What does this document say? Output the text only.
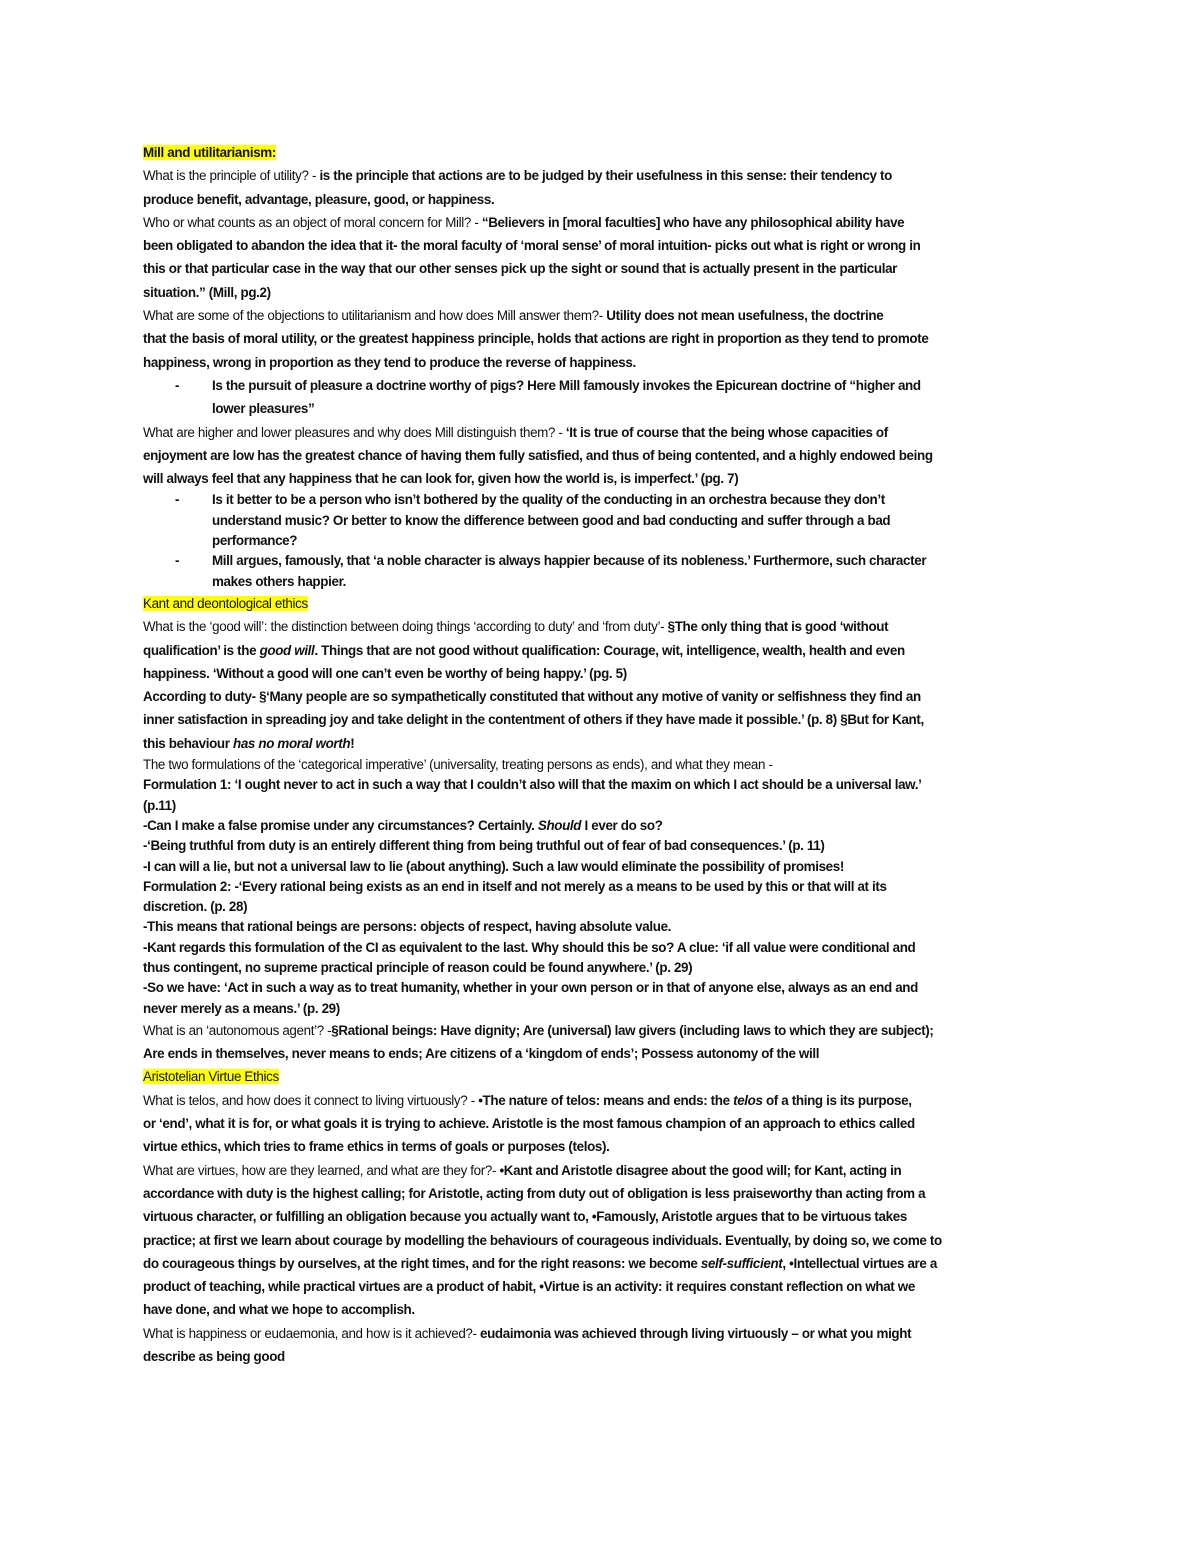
Mill and utilitarianism:
What is the principle of utility? - is the principle that actions are to be judged by their usefulness in this sense: their tendency to
produce benefit, advantage, pleasure, good, or happiness.
Who or what counts as an object of moral concern for Mill? - “Believers in [moral faculties] who have any philosophical ability have
been obligated to abandon the idea that it- the moral faculty of ‘moral sense’ of moral intuition- picks out what is right or wrong in
this or that particular case in the way that our other senses pick up the sight or sound that is actually present in the particular
situation.” (Mill, pg.2)
What are some of the objections to utilitarianism and how does Mill answer them?- Utility does not mean usefulness, the doctrine
that the basis of moral utility, or the greatest happiness principle, holds that actions are right in proportion as they tend to promote
happiness, wrong in proportion as they tend to produce the reverse of happiness.
- Is the pursuit of pleasure a doctrine worthy of pigs? Here Mill famously invokes the Epicurean doctrine of “higher and
lower pleasures”
What are higher and lower pleasures and why does Mill distinguish them? - ‘It is true of course that the being whose capacities of
enjoyment are low has the greatest chance of having them fully satisfied, and thus of being contented, and a highly endowed being
will always feel that any happiness that he can look for, given how the world is, is imperfect.’ (pg. 7)
- Is it better to be a person who isn’t bothered by the quality of the conducting in an orchestra because they don’t
understand music? Or better to know the difference between good and bad conducting and suffer through a bad
performance?
- Mill argues, famously, that ‘a noble character is always happier because of its nobleness.’ Furthermore, such character
makes others happier.
Kant and deontological ethics
What is the ‘good will’: the distinction between doing things ‘according to duty’ and ‘from duty’- §The only thing that is good ‘without
qualification’ is the good will. Things that are not good without qualification: Courage, wit, intelligence, wealth, health and even
happiness. ‘Without a good will one can’t even be worthy of being happy.’ (pg. 5)
According to duty- §‘Many people are so sympathetically constituted that without any motive of vanity or selfishness they find an
inner satisfaction in spreading joy and take delight in the contentment of others if they have made it possible.’ (p. 8) §But for Kant,
this behaviour has no moral worth!
The two formulations of the ‘categorical imperative’ (universality, treating persons as ends), and what they mean -
Formulation 1: ‘I ought never to act in such a way that I couldn’t also will that the maxim on which I act should be a universal law.’
(p.11)
-Can I make a false promise under any circumstances? Certainly. Should I ever do so?
-‘Being truthful from duty is an entirely different thing from being truthful out of fear of bad consequences.’ (p. 11)
-I can will a lie, but not a universal law to lie (about anything). Such a law would eliminate the possibility of promises!
Formulation 2: -‘Every rational being exists as an end in itself and not merely as a means to be used by this or that will at its
discretion. (p. 28)
-This means that rational beings are persons: objects of respect, having absolute value.
-Kant regards this formulation of the CI as equivalent to the last. Why should this be so? A clue: ‘if all value were conditional and
thus contingent, no supreme practical principle of reason could be found anywhere.’ (p. 29)
-So we have: ‘Act in such a way as to treat humanity, whether in your own person or in that of anyone else, always as an end and
never merely as a means.’ (p. 29)
What is an ‘autonomous agent’? -§Rational beings: Have dignity; Are (universal) law givers (including laws to which they are subject);
Are ends in themselves, never means to ends; Are citizens of a ‘kingdom of ends’; Possess autonomy of the will
Aristotelian Virtue Ethics
What is telos, and how does it connect to living virtuously? - •The nature of telos: means and ends: the telos of a thing is its purpose,
or ‘end’, what it is for, or what goals it is trying to achieve. Aristotle is the most famous champion of an approach to ethics called
virtue ethics, which tries to frame ethics in terms of goals or purposes (telos).
What are virtues, how are they learned, and what are they for?- •Kant and Aristotle disagree about the good will; for Kant, acting in
accordance with duty is the highest calling; for Aristotle, acting from duty out of obligation is less praiseworthy than acting from a
virtuous character, or fulfilling an obligation because you actually want to, •Famously, Aristotle argues that to be virtuous takes
practice; at first we learn about courage by modelling the behaviours of courageous individuals. Eventually, by doing so, we come to
do courageous things by ourselves, at the right times, and for the right reasons: we become self-sufficient, •Intellectual virtues are a
product of teaching, while practical virtues are a product of habit, •Virtue is an activity: it requires constant reflection on what we
have done, and what we hope to accomplish.
What is happiness or eudaemonia, and how is it achieved?- eudaimonia was achieved through living virtuously – or what you might
describe as being good
